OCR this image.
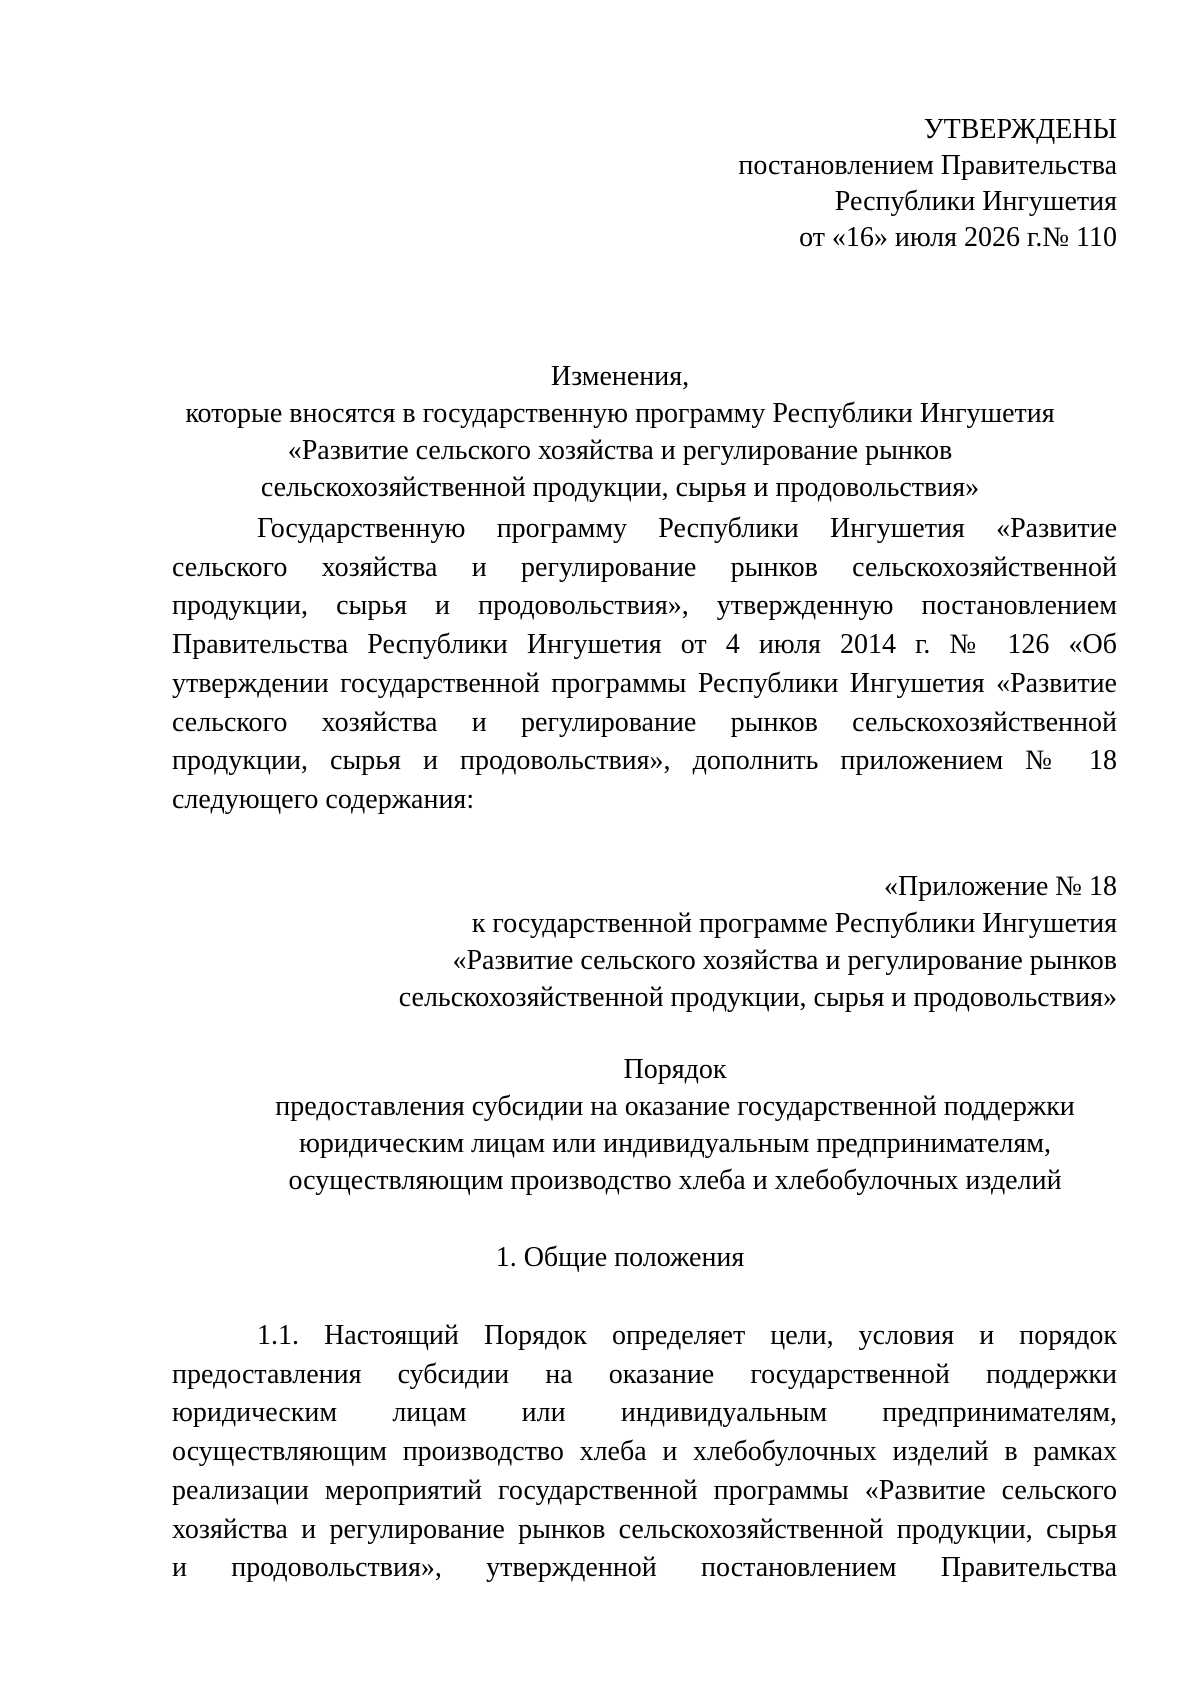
УТВЕРЖДЕНЫ
постановлением Правительства
Республики Ингушетия
от «16» июля 2026 г.№ 110
Изменения,
которые вносятся в государственную программу Республики Ингушетия
«Развитие сельского хозяйства и регулирование рынков
сельскохозяйственной продукции, сырья и продовольствия»
Государственную программу Республики Ингушетия «Развитие
сельского хозяйства и регулирование рынков сельскохозяйственной
продукции, сырья и продовольствия», утвержденную постановлением
Правительства Республики Ингушетия от 4 июля 2014 г. № 126 «Об
утверждении государственной программы Республики Ингушетия «Развитие
сельского хозяйства и регулирование рынков сельскохозяйственной
продукции, сырья и продовольствия», дополнить приложением № 18
следующего содержания:
«Приложение № 18
к государственной программе Республики Ингушетия
«Развитие сельского хозяйства и регулирование рынков
сельскохозяйственной продукции, сырья и продовольствия»
Порядок
предоставления субсидии на оказание государственной поддержки
юридическим лицам или индивидуальным предпринимателям,
осуществляющим производство хлеба и хлебобулочных изделий
1. Общие положения
1.1. Настоящий Порядок определяет цели, условия и порядок
предоставления субсидии на оказание государственной поддержки
юридическим лицам или индивидуальным предпринимателям,
осуществляющим производство хлеба и хлебобулочных изделий в рамках
реализации мероприятий государственной программы «Развитие сельского
хозяйства и регулирование рынков сельскохозяйственной продукции, сырья
и продовольствия», утвержденной постановлением Правительства
